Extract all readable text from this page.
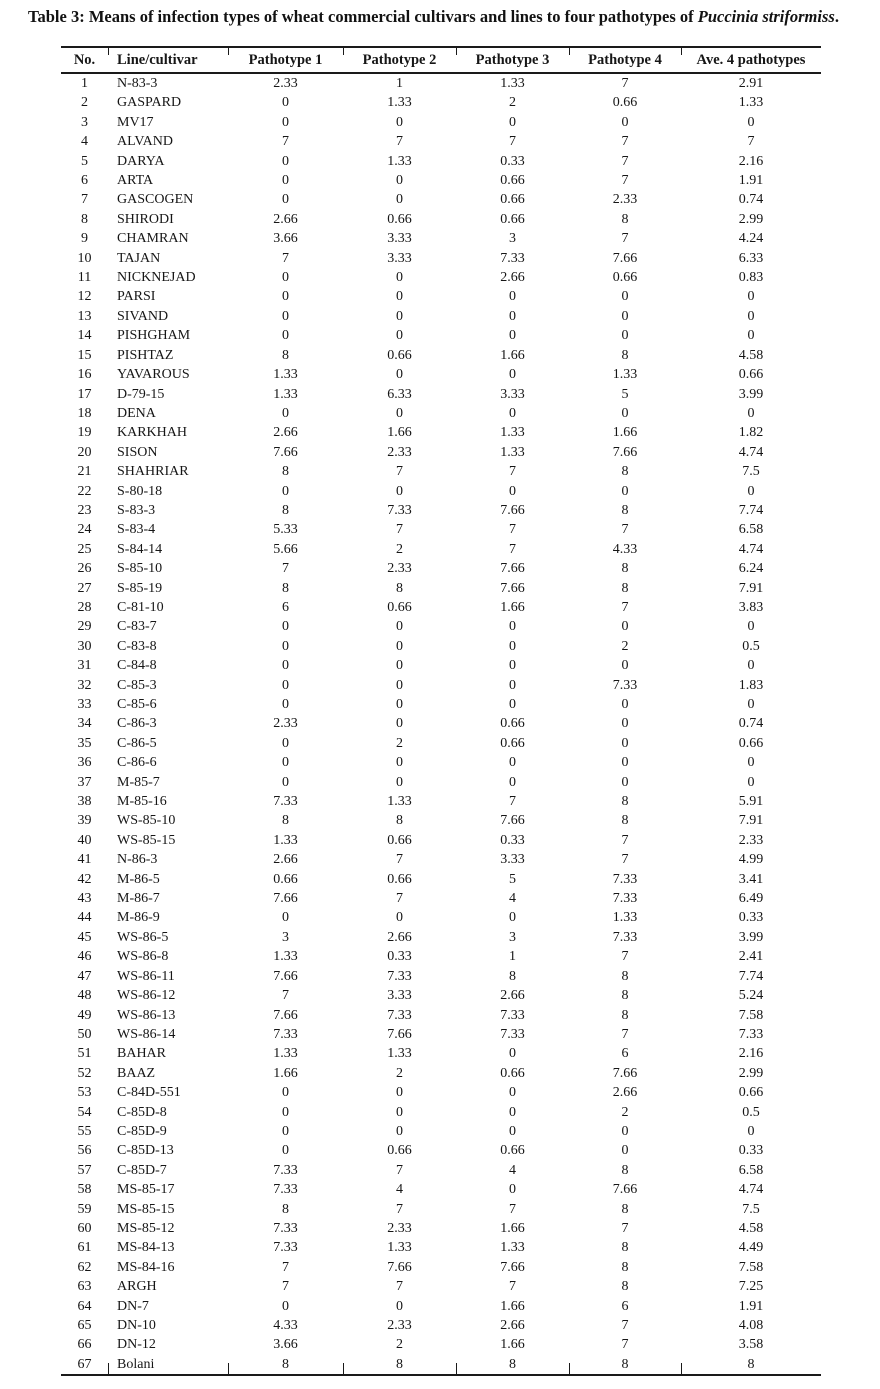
Table 3: Means of infection types of wheat commercial cultivars and lines to four pathotypes of Puccinia striformiss.
No.	Line/cultivar	Pathotype 1	Pathotype 2	Pathotype 3	Pathotype 4	Ave. 4 pathotypes
1	N-83-3	2.33	1	1.33	7	2.91
2	GASPARD	0	1.33	2	0.66	1.33
3	MV17	0	0	0	0	0
4	ALVAND	7	7	7	7	7
5	DARYA	0	1.33	0.33	7	2.16
6	ARTA	0	0	0.66	7	1.91
7	GASCOGEN	0	0	0.66	2.33	0.74
8	SHIRODI	2.66	0.66	0.66	8	2.99
9	CHAMRAN	3.66	3.33	3	7	4.24
10	TAJAN	7	3.33	7.33	7.66	6.33
11	NICKNEJAD	0	0	2.66	0.66	0.83
12	PARSI	0	0	0	0	0
13	SIVAND	0	0	0	0	0
14	PISHGHAM	0	0	0	0	0
15	PISHTAZ	8	0.66	1.66	8	4.58
16	YAVAROUS	1.33	0	0	1.33	0.66
17	D-79-15	1.33	6.33	3.33	5	3.99
18	DENA	0	0	0	0	0
19	KARKHAH	2.66	1.66	1.33	1.66	1.82
20	SISON	7.66	2.33	1.33	7.66	4.74
21	SHAHRIAR	8	7	7	8	7.5
22	S-80-18	0	0	0	0	0
23	S-83-3	8	7.33	7.66	8	7.74
24	S-83-4	5.33	7	7	7	6.58
25	S-84-14	5.66	2	7	4.33	4.74
26	S-85-10	7	2.33	7.66	8	6.24
27	S-85-19	8	8	7.66	8	7.91
28	C-81-10	6	0.66	1.66	7	3.83
29	C-83-7	0	0	0	0	0
30	C-83-8	0	0	0	2	0.5
31	C-84-8	0	0	0	0	0
32	C-85-3	0	0	0	7.33	1.83
33	C-85-6	0	0	0	0	0
34	C-86-3	2.33	0	0.66	0	0.74
35	C-86-5	0	2	0.66	0	0.66
36	C-86-6	0	0	0	0	0
37	M-85-7	0	0	0	0	0
38	M-85-16	7.33	1.33	7	8	5.91
39	WS-85-10	8	8	7.66	8	7.91
40	WS-85-15	1.33	0.66	0.33	7	2.33
41	N-86-3	2.66	7	3.33	7	4.99
42	M-86-5	0.66	0.66	5	7.33	3.41
43	M-86-7	7.66	7	4	7.33	6.49
44	M-86-9	0	0	0	1.33	0.33
45	WS-86-5	3	2.66	3	7.33	3.99
46	WS-86-8	1.33	0.33	1	7	2.41
47	WS-86-11	7.66	7.33	8	8	7.74
48	WS-86-12	7	3.33	2.66	8	5.24
49	WS-86-13	7.66	7.33	7.33	8	7.58
50	WS-86-14	7.33	7.66	7.33	7	7.33
51	BAHAR	1.33	1.33	0	6	2.16
52	BAAZ	1.66	2	0.66	7.66	2.99
53	C-84D-551	0	0	0	2.66	0.66
54	C-85D-8	0	0	0	2	0.5
55	C-85D-9	0	0	0	0	0
56	C-85D-13	0	0.66	0.66	0	0.33
57	C-85D-7	7.33	7	4	8	6.58
58	MS-85-17	7.33	4	0	7.66	4.74
59	MS-85-15	8	7	7	8	7.5
60	MS-85-12	7.33	2.33	1.66	7	4.58
61	MS-84-13	7.33	1.33	1.33	8	4.49
62	MS-84-16	7	7.66	7.66	8	7.58
63	ARGH	7	7	7	8	7.25
64	DN-7	0	0	1.66	6	1.91
65	DN-10	4.33	2.33	2.66	7	4.08
66	DN-12	3.66	2	1.66	7	3.58
67	Bolani	8	8	8	8	8
